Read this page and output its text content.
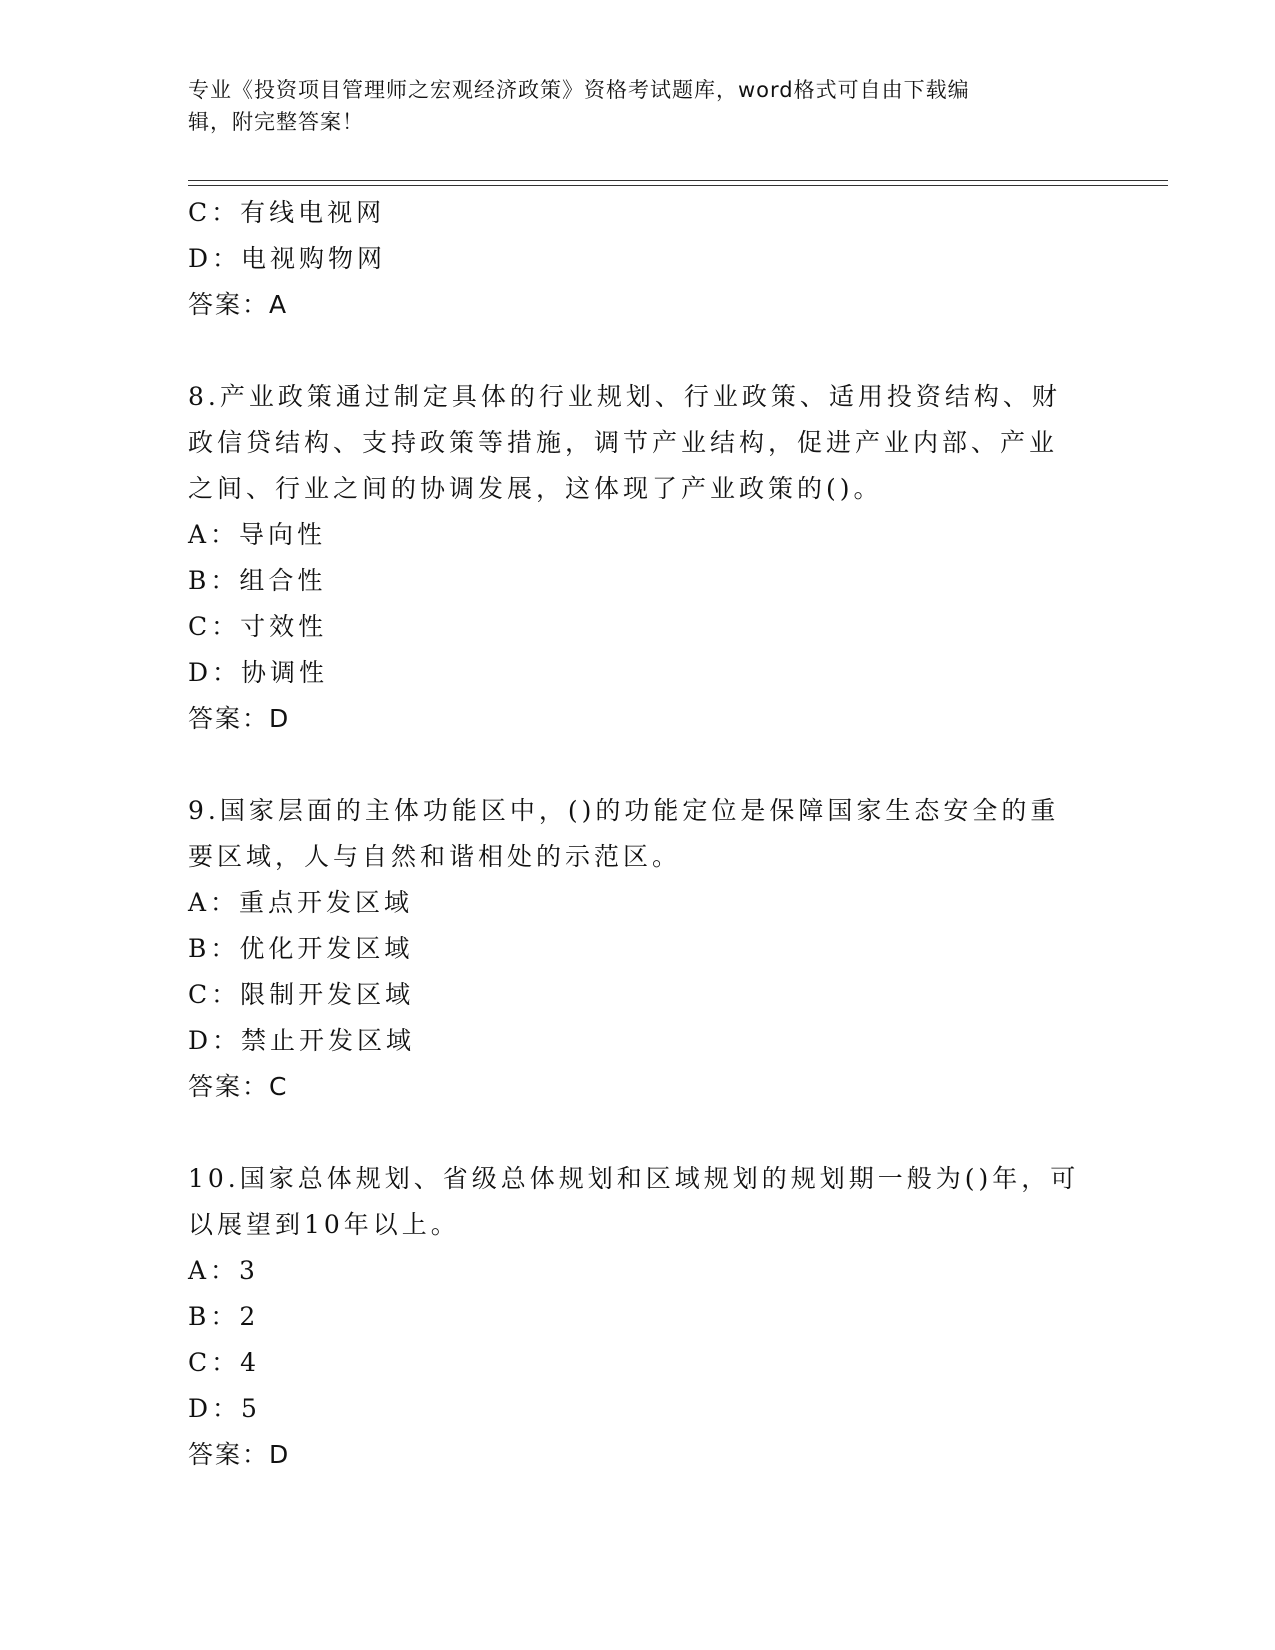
专业《投资项目管理师之宏观经济政策》资格考试题库，word格式可自由下载编
辑，附完整答案！
C：有线电视网
D：电视购物网
答案：A
8.产业政策通过制定具体的行业规划、行业政策、适用投资结构、财
政信贷结构、支持政策等措施，调节产业结构，促进产业内部、产业
之间、行业之间的协调发展，这体现了产业政策的()。
A：导向性
B：组合性
C：寸效性
D：协调性
答案：D
9.国家层面的主体功能区中，()的功能定位是保障国家生态安全的重
要区域，人与自然和谐相处的示范区。
A：重点开发区域
B：优化开发区域
C：限制开发区域
D：禁止开发区域
答案：C
10.国家总体规划、省级总体规划和区域规划的规划期一般为()年，可
以展望到10年以上。
A：3
B：2
C：4
D：5
答案：D
